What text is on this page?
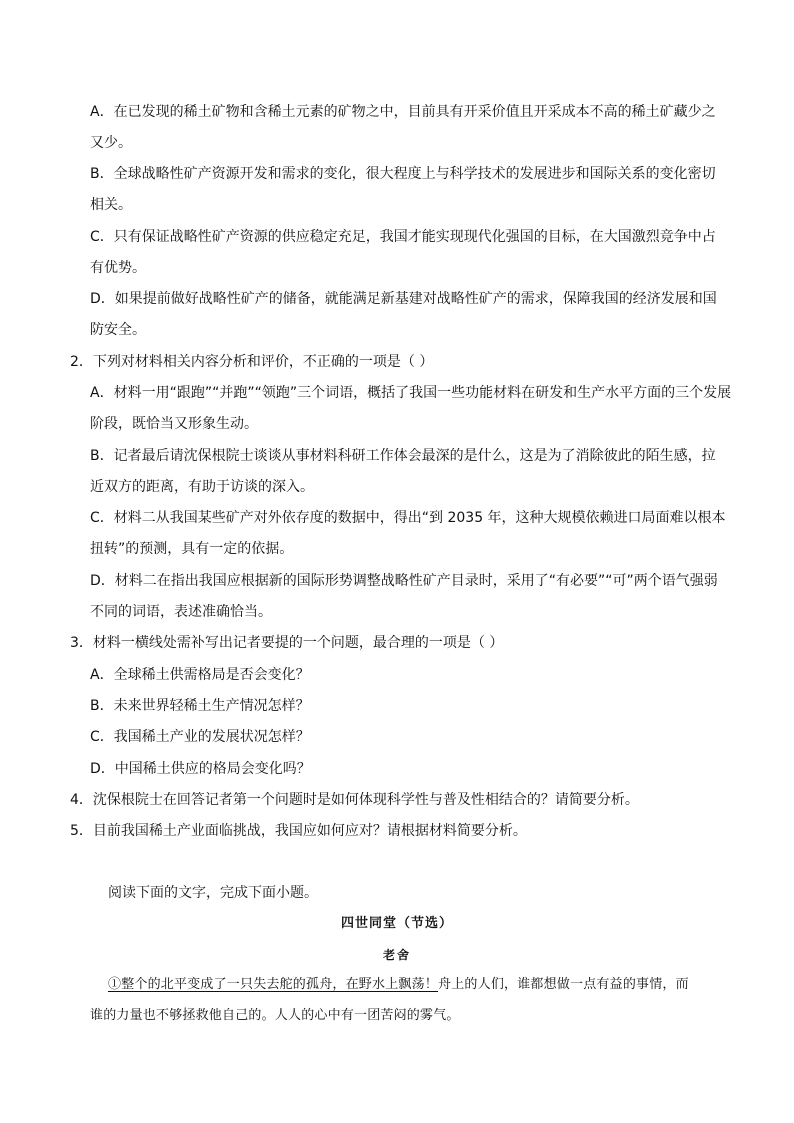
A．在已发现的稀土矿物和含稀土元素的矿物之中，目前具有开采价值且开采成本不高的稀土矿藏少之
又少。
B．全球战略性矿产资源开发和需求的变化，很大程度上与科学技术的发展进步和国际关系的变化密切
相关。
C．只有保证战略性矿产资源的供应稳定充足，我国才能实现现代化强国的目标，在大国激烈竞争中占
有优势。
D．如果提前做好战略性矿产的储备，就能满足新基建对战略性矿产的需求，保障我国的经济发展和国
防安全。
2．下列对材料相关内容分析和评价，不正确的一项是（ ）
A．材料一用“跟跑”“并跑”“领跑”三个词语，概括了我国一些功能材料在研发和生产水平方面的三个发展
阶段，既恰当又形象生动。
B．记者最后请沈保根院士谈谈从事材料科研工作体会最深的是什么，这是为了消除彼此的陌生感，拉
近双方的距离，有助于访谈的深入。
C．材料二从我国某些矿产对外依存度的数据中，得出“到 2035 年，这种大规模依赖进口局面难以根本
扭转”的预测，具有一定的依据。
D．材料二在指出我国应根据新的国际形势调整战略性矿产目录时，采用了“有必要”“可”两个语气强弱
不同的词语，表述准确恰当。
3．材料一横线处需补写出记者要提的一个问题，最合理的一项是（ ）
A．全球稀土供需格局是否会变化？
B．未来世界轻稀土生产情况怎样？
C．我国稀土产业的发展状况怎样？
D．中国稀土供应的格局会变化吗？
4．沈保根院士在回答记者第一个问题时是如何体现科学性与普及性相结合的？请简要分析。
5．目前我国稀土产业面临挑战，我国应如何应对？请根据材料简要分析。
阅读下面的文字，完成下面小题。
四世同堂（节选）
老舍
①整个的北平变成了一只失去舵的孤舟，在野水上飘荡！舟上的人们，谁都想做一点有益的事情，而
谁的力量也不够拯救他自己的。人人的心中有一团苦闷的雾气。
